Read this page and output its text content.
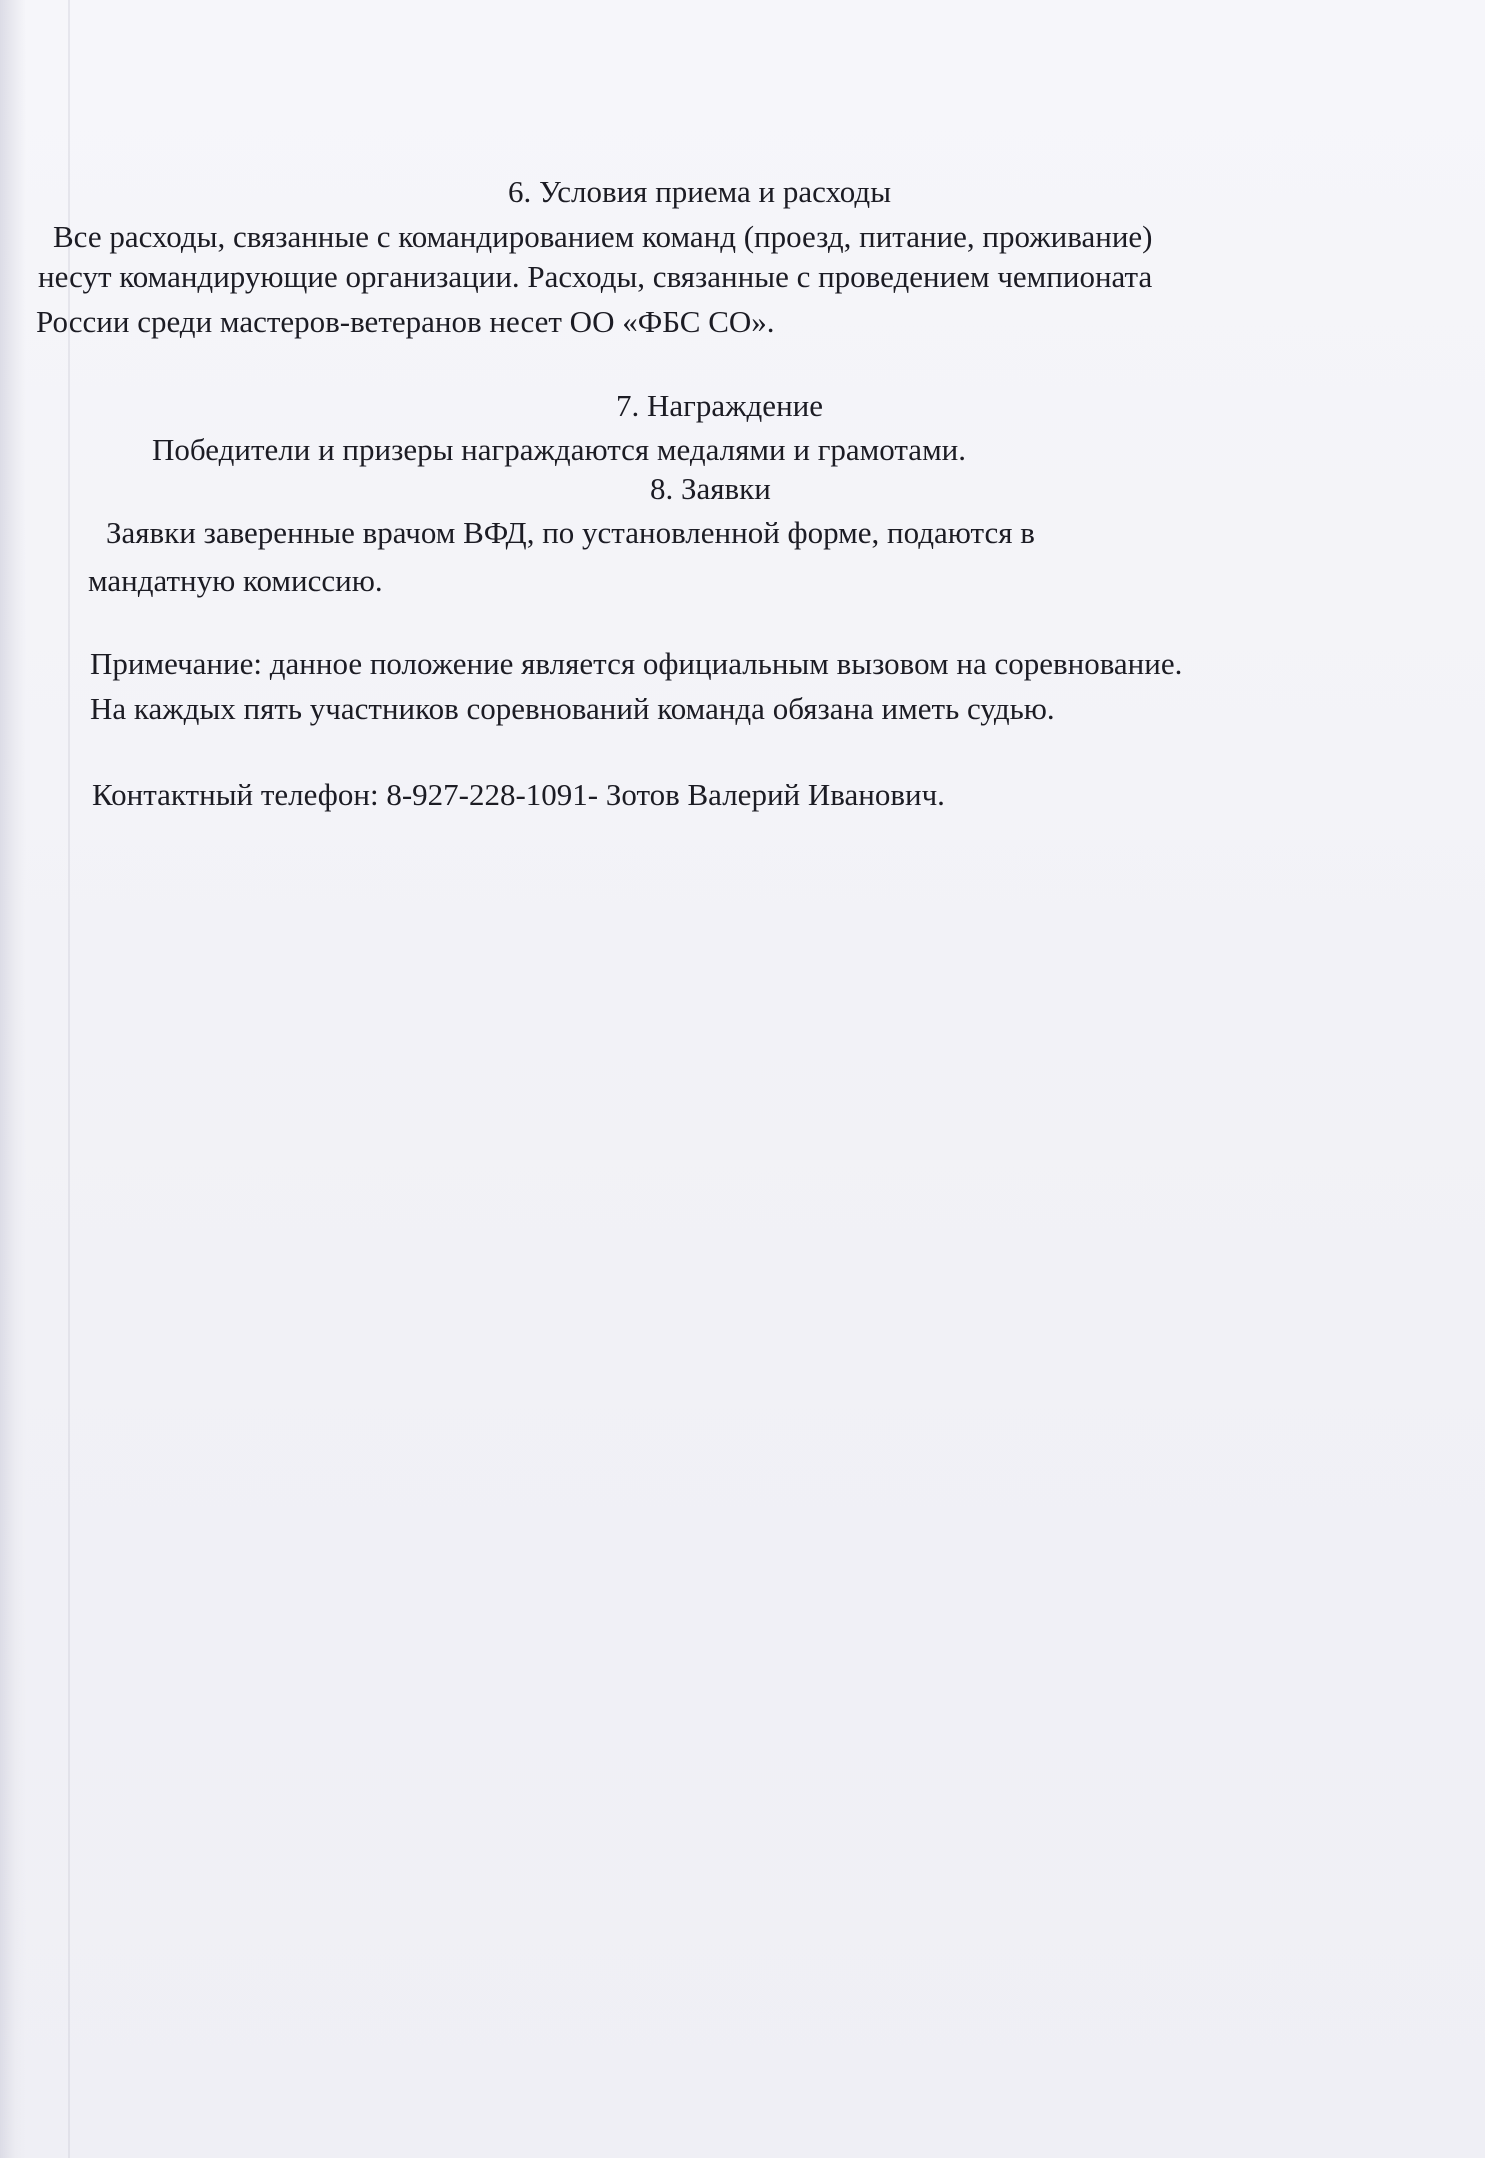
6. Условия приема и расходы
Все расходы, связанные с командированием команд (проезд, питание, проживание)
несут командирующие организации. Расходы, связанные с проведением чемпионата
России среди мастеров-ветеранов несет ОО «ФБС СО».
7. Награждение
Победители и призеры награждаются медалями и грамотами.
8. Заявки
Заявки заверенные врачом ВФД, по установленной форме, подаются в
мандатную комиссию.
Примечание: данное положение является официальным вызовом на соревнование.
На каждых пять участников соревнований команда обязана иметь судью.
Контактный телефон: 8-927-228-1091- Зотов Валерий Иванович.
